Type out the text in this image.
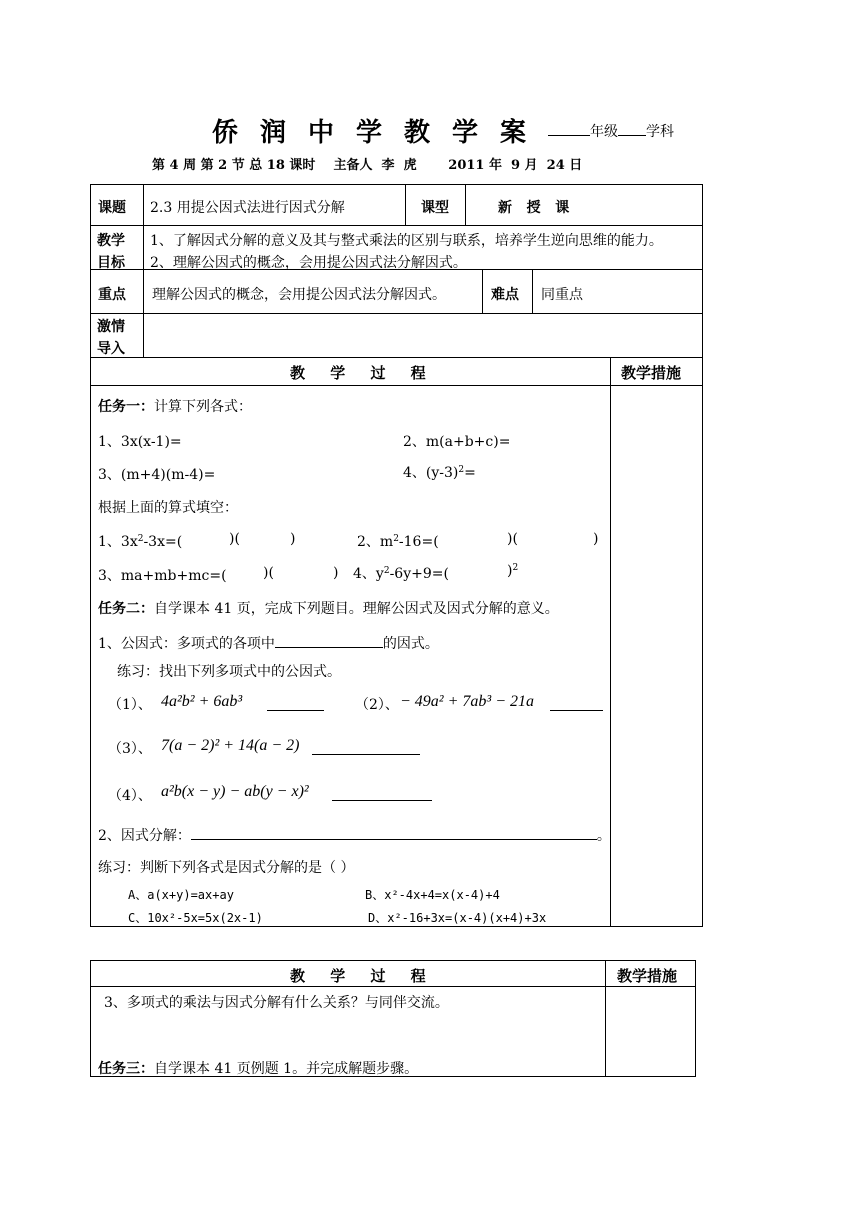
侨润中学教学案	年级 学科
第 4 周 第 2 节 总 18 课时    主备人  李  虎       2011 年  9 月  24 日
课题 2.3 用提公因式法进行因式分解	课型	新   授   课
教学
目标
1、了解因式分解的意义及其与整式乘法的区别与联系，培养学生逆向思维的能力。
2、理解公因式的概念，会用提公因式法分解因式。
重点 理解公因式的概念，会用提公因式法分解因式。	难点 同重点
激情
导入
教 学 过 程	教学措施
任务一：计算下列各式：
1、3x(x-1)=	2、m(a+b+c)=
3、(m+4)(m-4)=	4、$(y-3)^2=$
根据上面的算式填空：
1、$3x^2-3x=$(	)(	)	2、$m^2-16=$(	)(	)
3、ma+mb+mc=(	)(	) 4、$y^2-6y+9=$(	)$^2$
任务二：自学课本 41 页，完成下列题目。理解公因式及因式分解的意义。
1、公因式：多项式的各项中	的因式。
练习：找出下列多项式中的公因式。
（1）、 4a²b² + 6ab³	（2）、 − 49a² + 7ab³ − 21a
（3）、 7(a − 2)² + 14(a − 2)
（4）、 a²b(x − y) − ab(y − x)²
2、因式分解：	。
练习：判断下列各式是因式分解的是（ ）
A、a(x+y)=ax+ay	B、x²-4x+4=x(x-4)+4
C、10x²-5x=5x(2x-1)	D、x²-16+3x=(x-4)(x+4)+3x
教 学 过 程	教学措施
3、多项式的乘法与因式分解有什么关系？与同伴交流。
任务三：自学课本 41 页例题 1。并完成解题步骤。
